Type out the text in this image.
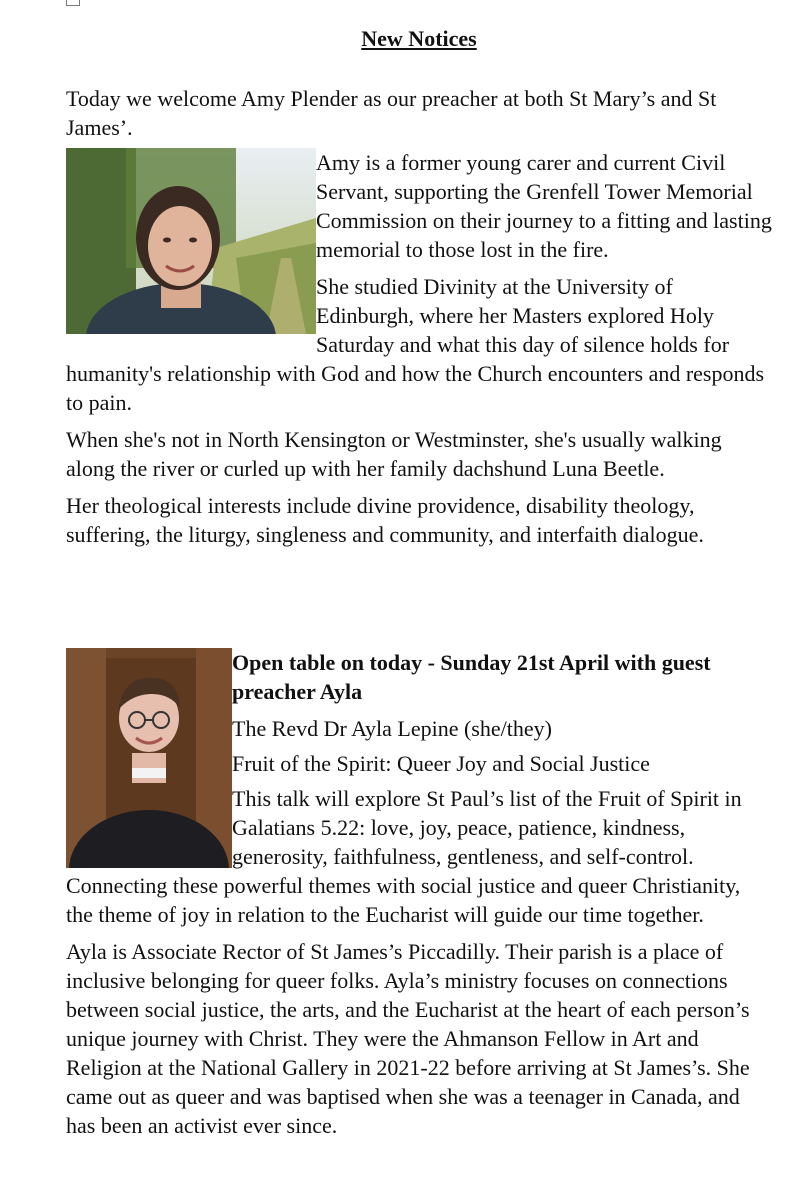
New Notices

Today we welcome Amy Plender as our preacher at both St Mary’s and St James’.

Amy is a former young carer and current Civil Servant, supporting the Grenfell Tower Memorial Commission on their journey to a fitting and lasting memorial to those lost in the fire.

She studied Divinity at the University of Edinburgh, where her Masters explored Holy Saturday and what this day of silence holds for humanity's relationship with God and how the Church encounters and responds to pain.

When she's not in North Kensington or Westminster, she's usually walking along the river or curled up with her family dachshund Luna Beetle.

Her theological interests include divine providence, disability theology, suffering, the liturgy, singleness and community, and interfaith dialogue.

Open table on today - Sunday 21st April with guest preacher Ayla

The Revd Dr Ayla Lepine (she/they)

Fruit of the Spirit: Queer Joy and Social Justice

This talk will explore St Paul’s list of the Fruit of Spirit in Galatians 5.22: love, joy, peace, patience, kindness, generosity, faithfulness, gentleness, and self-control. Connecting these powerful themes with social justice and queer Christianity, the theme of joy in relation to the Eucharist will guide our time together.

Ayla is Associate Rector of St James’s Piccadilly. Their parish is a place of inclusive belonging for queer folks. Ayla’s ministry focuses on connections between social justice, the arts, and the Eucharist at the heart of each person’s unique journey with Christ. They were the Ahmanson Fellow in Art and Religion at the National Gallery in 2021-22 before arriving at St James’s. She came out as queer and was baptised when she was a teenager in Canada, and has been an activist ever since.
